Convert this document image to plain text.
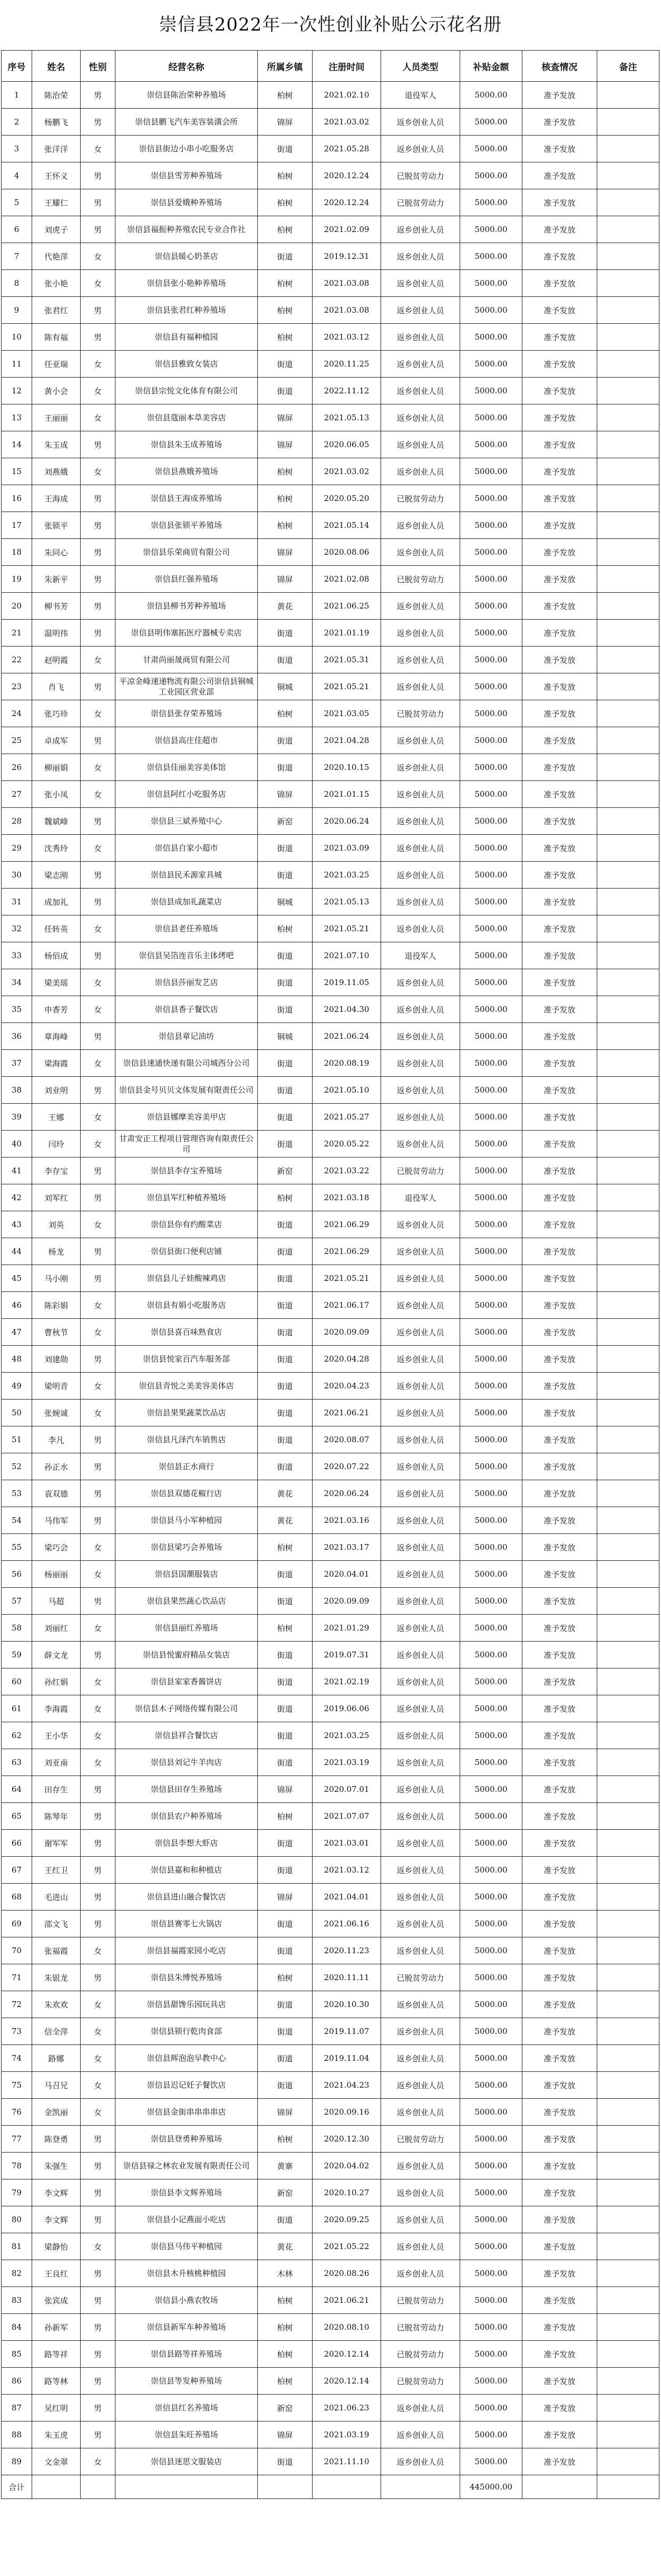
崇信县2022年一次性创业补贴公示花名册
序号	姓名	性别	经营名称	所属乡镇	注册时间	人员类型	补贴金额	核查情况	备注
1	陈治荣	男	崇信县陈治荣种养殖场	柏树	2021.02.10	退役军人	5000.00	准予发放	
2	杨鹏飞	男	崇信县鹏飞汽车美容装潢会所	锦屏	2021.03.02	返乡创业人员	5000.00	准予发放	
3	张洋洋	女	崇信县街边小串小吃服务店	街道	2021.05.28	返乡创业人员	5000.00	准予发放	
4	王怀义	男	崇信县雪芳种养殖场	柏树	2020.12.24	已脱贫劳动力	5000.00	准予发放	
5	王耀仁	男	崇信县爱娥种养殖场	柏树	2020.12.24	已脱贫劳动力	5000.00	准予发放	
6	刘虎子	男	崇信县福振种养殖农民专业合作社	柏树	2021.02.09	返乡创业人员	5000.00	准予发放	
7	代艳萍	女	崇信县暖心奶茶店	街道	2019.12.31	返乡创业人员	5000.00	准予发放	
8	张小艳	女	崇信县张小艳种养殖场	柏树	2021.03.08	返乡创业人员	5000.00	准予发放	
9	张君红	男	崇信县张君红种养殖场	柏树	2021.03.08	返乡创业人员	5000.00	准予发放	
10	陈有福	男	崇信县有福种植园	柏树	2021.03.12	返乡创业人员	5000.00	准予发放	
11	任亚瑞	女	崇信县雅致女装店	街道	2020.11.25	返乡创业人员	5000.00	准予发放	
12	黄小会	女	崇信县宗悦文化体育有限公司	街道	2022.11.12	返乡创业人员	5000.00	准予发放	
13	王丽丽	女	崇信县蔻丽本草美容店	锦屏	2021.05.13	返乡创业人员	5000.00	准予发放	
14	朱玉成	男	崇信县朱玉成养殖场	锦屏	2020.06.05	返乡创业人员	5000.00	准予发放	
15	刘燕娥	女	崇信县燕娥养殖场	柏树	2021.03.02	返乡创业人员	5000.00	准予发放	
16	王海成	男	崇信县王海成养殖场	柏树	2020.05.20	已脱贫劳动力	5000.00	准予发放	
17	张锁平	男	崇信县张锁平养殖场	柏树	2021.05.14	返乡创业人员	5000.00	准予发放	
18	朱同心	男	崇信县乐荣商贸有限公司	锦屏	2020.08.06	返乡创业人员	5000.00	准予发放	
19	朱新平	男	崇信县红强养殖场	锦屏	2021.02.08	已脱贫劳动力	5000.00	准予发放	
20	柳书芳	男	崇信县柳书芳种养殖场	黄花	2021.06.25	返乡创业人员	5000.00	准予发放	
21	温明伟	男	崇信县明伟塞拓医疗器械专卖店	街道	2021.01.19	返乡创业人员	5000.00	准予发放	
22	赵明霞	女	甘肃尚丽晟商贸有限公司	街道	2021.05.31	返乡创业人员	5000.00	准予发放	
23	肖飞	男	平凉金峰速递物流有限公司崇信县铜城工业园区营业部	铜城	2021.05.21	返乡创业人员	5000.00	准予发放	
24	张巧珍	女	崇信县张存荣养殖场	柏树	2021.03.05	已脱贫劳动力	5000.00	准予发放	
25	卓成军	男	崇信县高庄佳超市	街道	2021.04.28	返乡创业人员	5000.00	准予发放	
26	柳丽娟	女	崇信县佳丽美容美体馆	街道	2020.10.15	返乡创业人员	5000.00	准予发放	
27	张小凤	女	崇信县阿红小吃服务店	锦屏	2021.01.15	返乡创业人员	5000.00	准予发放	
28	魏斌峰	男	崇信县三斌养殖中心	新窑	2020.06.24	返乡创业人员	5000.00	准予发放	
29	沈秀玲	女	崇信县自家小超市	街道	2021.03.09	返乡创业人员	5000.00	准予发放	
30	梁志刚	男	崇信县民禾源家具城	街道	2021.03.25	返乡创业人员	5000.00	准予发放	
31	成加礼	男	崇信县成加礼蔬菜店	铜城	2021.05.13	返乡创业人员	5000.00	准予发放	
32	任转英	女	崇信县老任养殖场	柏树	2021.05.21	返乡创业人员	5000.00	准予发放	
33	杨佰成	男	崇信县吴箔连音乐主体烤吧	街道	2021.07.10	退役军人	5000.00	准予发放	
34	梁美瑶	女	崇信县莎丽发艺店	街道	2019.11.05	返乡创业人员	5000.00	准予发放	
35	申香芳	女	崇信县香子餐饮店	街道	2021.04.30	返乡创业人员	5000.00	准予发放	
36	章海峰	男	崇信县章记油坊	铜城	2021.06.24	返乡创业人员	5000.00	准予发放	
37	梁海霞	女	崇信县速通快递有限公司城西分公司	街道	2020.08.19	返乡创业人员	5000.00	准予发放	
38	刘业明	男	崇信县金号贝贝文体发展有限责任公司	街道	2021.05.10	返乡创业人员	5000.00	准予发放	
39	王娜	女	崇信县娜摩美容美甲店	街道	2021.05.27	返乡创业人员	5000.00	准予发放	
40	闫玲	女	甘肃安正工程项目管理咨询有限责任公司	街道	2020.05.22	返乡创业人员	5000.00	准予发放	
41	李存宝	男	崇信县李存宝养殖场	新窑	2021.03.22	已脱贫劳动力	5000.00	准予发放	
42	刘军红	男	崇信县军红种植养殖场	柏树	2021.03.18	退役军人	5000.00	准予发放	
43	刘英	女	崇信县你有约酸菜店	街道	2021.06.29	返乡创业人员	5000.00	准予发放	
44	杨龙	男	崇信县街口便利店铺	街道	2021.06.29	返乡创业人员	5000.00	准予发放	
45	马小刚	男	崇信县儿子娃酸辣鸡店	街道	2021.05.21	返乡创业人员	5000.00	准予发放	
46	陈彩娟	女	崇信县有娟小吃服务店	街道	2021.06.17	返乡创业人员	5000.00	准予发放	
47	曹秋节	女	崇信县喜百味熟食店	街道	2020.09.09	返乡创业人员	5000.00	准予发放	
48	刘建勋	男	崇信县悦家百汽车服务部	街道	2020.04.28	返乡创业人员	5000.00	准予发放	
49	梁明青	女	崇信县青悦之美美容美体店	街道	2020.04.23	返乡创业人员	5000.00	准予发放	
50	张婉诚	女	崇信县果果蔬菜饮品店	街道	2021.06.21	返乡创业人员	5000.00	准予发放	
51	李凡	男	崇信县凡泽汽车销售店	街道	2020.08.07	返乡创业人员	5000.00	准予发放	
52	孙正水	男	崇信县正水商行	街道	2020.07.22	返乡创业人员	5000.00	准予发放	
53	袁双德	男	崇信县双德花椒行店	黄花	2020.06.24	返乡创业人员	5000.00	准予发放	
54	马伟军	男	崇信县马小军种植园	黄花	2021.03.16	返乡创业人员	5000.00	准予发放	
55	梁巧会	女	崇信县梁巧会养殖场	柏树	2021.03.17	返乡创业人员	5000.00	准予发放	
56	杨丽丽	女	崇信县国潮服装店	街道	2020.04.01	返乡创业人员	5000.00	准予发放	
57	马超	男	崇信县果然蔬心饮品店	街道	2020.09.09	返乡创业人员	5000.00	准予发放	
58	刘丽红	女	崇信县丽红养殖场	柏树	2021.01.29	返乡创业人员	5000.00	准予发放	
59	薛文龙	男	崇信县悦蜜府精品女装店	街道	2019.07.31	返乡创业人员	5000.00	准予发放	
60	孙红娟	女	崇信县家家香酱饼店	街道	2021.02.19	返乡创业人员	5000.00	准予发放	
61	李海霞	女	崇信县木子网络传媒有限公司	街道	2019.06.06	返乡创业人员	5000.00	准予发放	
62	王小华	女	崇信县祥合餐饮店	街道	2021.03.25	返乡创业人员	5000.00	准予发放	
63	刘亚南	女	崇信县刘记牛羊肉店	街道	2021.03.19	返乡创业人员	5000.00	准予发放	
64	田存生	男	崇信县田存生养殖场	锦屏	2020.07.01	返乡创业人员	5000.00	准予发放	
65	陈琴年	男	崇信县农户种养殖场	柏树	2021.07.07	返乡创业人员	5000.00	准予发放	
66	谢军军	男	崇信县李想大虾店	街道	2021.03.01	返乡创业人员	5000.00	准予发放	
67	王红卫	男	崇信县嘉和和种植店	街道	2021.03.12	返乡创业人员	5000.00	准予发放	
68	毛进山	男	崇信县进山融合餐饮店	锦屏	2021.04.01	返乡创业人员	5000.00	准予发放	
69	邵文飞	男	崇信县赛零七火锅店	街道	2021.06.16	返乡创业人员	5000.00	准予发放	
70	张福霞	女	崇信县福霞家园小吃店	街道	2020.11.23	返乡创业人员	5000.00	准予发放	
71	朱银龙	男	崇信县朱博悦养殖场	柏树	2020.11.11	已脱贫劳动力	5000.00	准予发放	
72	朱欢欢	女	崇信县甜馋乐园玩具店	街道	2020.10.30	返乡创业人员	5000.00	准予发放	
73	信全萍	女	崇信县锁行乾肉食部	街道	2019.11.07	返乡创业人员	5000.00	准予发放	
74	路娜	女	崇信县辉泡泡早教中心	街道	2019.11.04	返乡创业人员	5000.00	准予发放	
75	马召兄	女	崇信县迟记妊子餐饮店	街道	2021.04.23	返乡创业人员	5000.00	准予发放	
76	金凯丽	女	崇信县金街串串串串店	锦屏	2020.09.16	返乡创业人员	5000.00	准予发放	
77	陈登勇	男	崇信县登勇种养殖场	柏树	2020.12.30	已脱贫劳动力	5000.00	准予发放	
78	朱强生	男	崇信县禄之林农业发展有限责任公司	黄寨	2020.04.02	返乡创业人员	5000.00	准予发放	
79	李文辉	男	崇信县李文辉养殖场	新窑	2020.10.27	返乡创业人员	5000.00	准予发放	
80	李文辉	男	崇信县小记燕面小吃店	街道	2020.09.25	返乡创业人员	5000.00	准予发放	
81	梁静怡	女	崇信县马伟平种植园	黄花	2021.05.22	返乡创业人员	5000.00	准予发放	
82	王良红	男	崇信县木升核桃种植园	木林	2020.08.26	返乡创业人员	5000.00	准予发放	
83	张宾成	男	崇信县小燕农牧场	柏树	2021.06.21	已脱贫劳动力	5000.00	准予发放	
84	孙新军	男	崇信县新军车种养殖场	柏树	2020.08.10	已脱贫劳动力	5000.00	准予发放	
85	路等祥	男	崇信县路等祥养殖场	柏树	2020.12.14	已脱贫劳动力	5000.00	准予发放	
86	路等林	男	崇信县等发种养殖场	柏树	2020.12.14	已脱贫劳动力	5000.00	准予发放	
87	吴红明	男	崇信县红名养殖场	新窑	2021.06.23	返乡创业人员	5000.00	准予发放	
88	朱玉虎	男	崇信县朱旺养殖场	锦屏	2021.03.19	返乡创业人员	5000.00	准予发放	
89	文金翠	女	崇信县迷思文服装店	街道	2021.11.10	返乡创业人员	5000.00	准予发放	
合计							445000.00		
